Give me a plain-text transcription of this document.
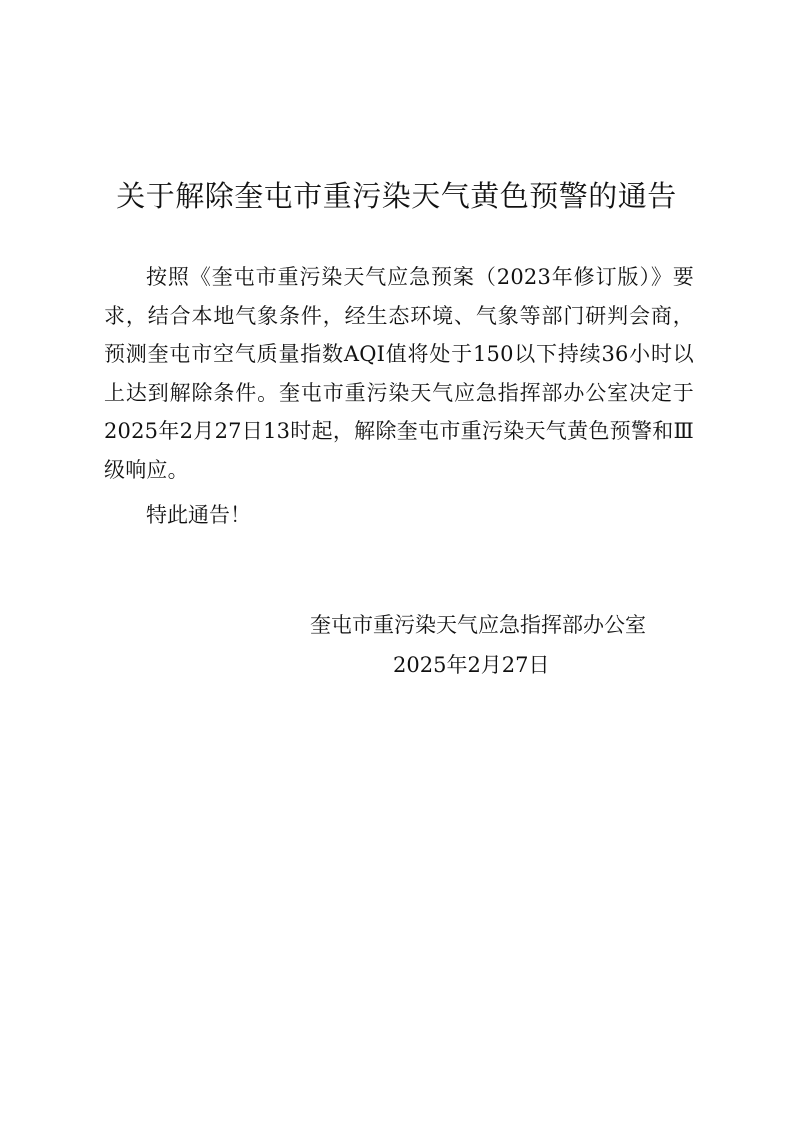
关于解除奎屯市重污染天气黄色预警的通告

按照《奎屯市重污染天气应急预案（2023年修订版）》要求，结合本地气象条件，经生态环境、气象等部门研判会商，预测奎屯市空气质量指数AQI值将处于150以下持续36小时以上达到解除条件。奎屯市重污染天气应急指挥部办公室决定于2025年2月27日13时起，解除奎屯市重污染天气黄色预警和Ⅲ级响应。

特此通告！

奎屯市重污染天气应急指挥部办公室

2025年2月27日
